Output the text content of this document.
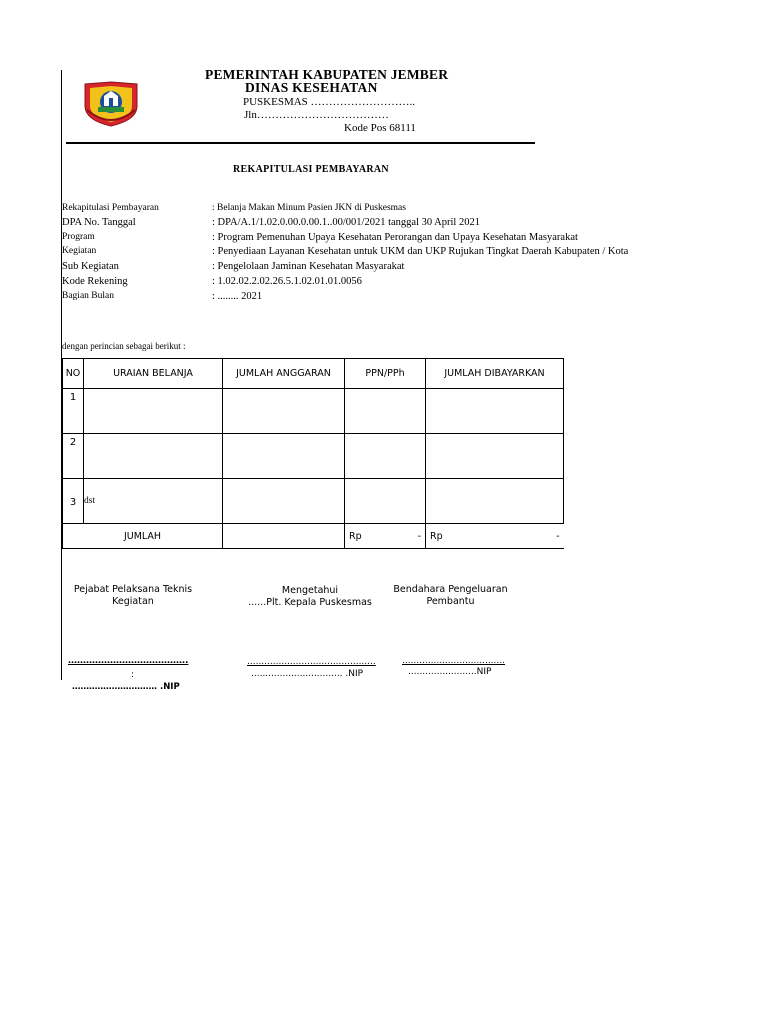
PEMERINTAH KABUPATEN JEMBER
DINAS KESEHATAN
PUSKESMAS ………………………..
Jln………………………………
Kode Pos 68111
REKAPITULASI PEMBAYARAN
Rekapitulasi Pembayaran	: Belanja Makan Minum Pasien JKN di Puskesmas
DPA No. Tanggal	: DPA/A.1/1.02.0.00.0.00.1..00/001/2021 tanggal 30 April 2021
Program	: Program Pemenuhan Upaya Kesehatan Perorangan dan Upaya Kesehatan Masyarakat
Kegiatan	: Penyediaan Layanan Kesehatan untuk UKM dan UKP Rujukan Tingkat Daerah Kabupaten / Kota
Sub Kegiatan	: Pengelolaan Jaminan Kesehatan Masyarakat
Kode Rekening	: 1.02.02.2.02.26.5.1.02.01.01.0056
Bagian Bulan	: ........ 2021
dengan perincian sebagai berikut :
NO	URAIAN BELANJA	JUMLAH ANGGARAN	PPN/PPh	JUMLAH DIBAYARKAN
1				
2				
3	dst			
JUMLAH			Rp -	Rp -
Pejabat Pelaksana Teknis
Kegiatan
Mengetahui
......Plt. Kepala Puskesmas
Bendahara Pengeluaran
Pembantu
………………………………….
:
………………………… .NIP
.............................................
................................ .NIP
....................................
........................NIP
